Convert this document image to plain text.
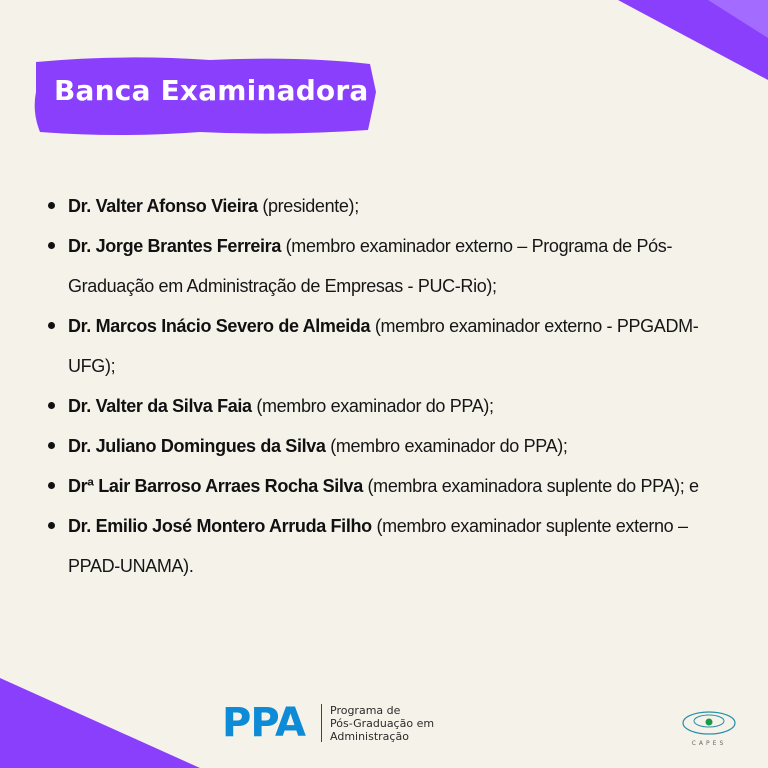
Banca Examinadora
Dr. Valter Afonso Vieira (presidente);
Dr. Jorge Brantes Ferreira (membro examinador externo – Programa de Pós-Graduação em Administração de Empresas - PUC-Rio);
Dr. Marcos Inácio Severo de Almeida (membro examinador externo - PPGADM-UFG);
Dr. Valter da Silva Faia (membro examinador do PPA);
Dr. Juliano Domingues da Silva (membro examinador do PPA);
Drª Lair Barroso Arraes Rocha Silva (membra examinadora suplente do PPA); e
Dr. Emilio José Montero Arruda Filho (membro examinador suplente externo – PPAD-UNAMA).
PPA Programa de
Pós-Graduação em
Administração
CAPES
